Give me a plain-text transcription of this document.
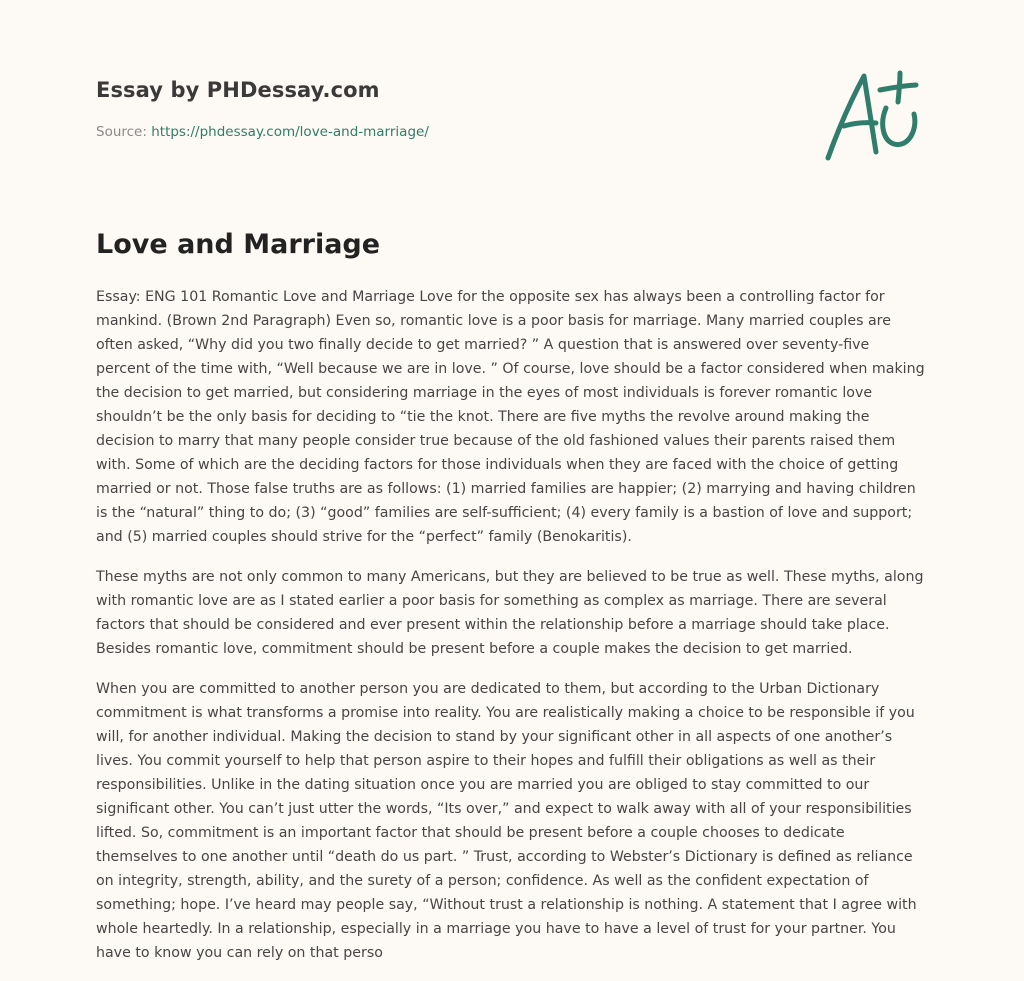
Essay by PHDessay.com
Source: https://phdessay.com/love-and-marriage/
Love and Marriage

Essay: ENG 101 Romantic Love and Marriage Love for the opposite sex has always been a controlling factor for mankind. (Brown 2nd Paragraph) Even so, romantic love is a poor basis for marriage. Many married couples are often asked, “Why did you two finally decide to get married? ” A question that is answered over seventy-five percent of the time with, “Well because we are in love. ” Of course, love should be a factor considered when making the decision to get married, but considering marriage in the eyes of most individuals is forever romantic love shouldn’t be the only basis for deciding to “tie the knot. There are five myths the revolve around making the decision to marry that many people consider true because of the old fashioned values their parents raised them with. Some of which are the deciding factors for those individuals when they are faced with the choice of getting married or not. Those false truths are as follows: (1) married families are happier; (2) marrying and having children is the “natural” thing to do; (3) “good” families are self-sufficient; (4) every family is a bastion of love and support; and (5) married couples should strive for the “perfect” family (Benokaritis).

These myths are not only common to many Americans, but they are believed to be true as well. These myths, along with romantic love are as I stated earlier a poor basis for something as complex as marriage. There are several factors that should be considered and ever present within the relationship before a marriage should take place. Besides romantic love, commitment should be present before a couple makes the decision to get married.

When you are committed to another person you are dedicated to them, but according to the Urban Dictionary commitment is what transforms a promise into reality. You are realistically making a choice to be responsible if you will, for another individual. Making the decision to stand by your significant other in all aspects of one another’s lives. You commit yourself to help that person aspire to their hopes and fulfill their obligations as well as their responsibilities. Unlike in the dating situation once you are married you are obliged to stay committed to our significant other. You can’t just utter the words, “Its over,” and expect to walk away with all of your responsibilities lifted. So, commitment is an important factor that should be present before a couple chooses to dedicate themselves to one another until “death do us part. ” Trust, according to Webster’s Dictionary is defined as reliance on integrity, strength, ability, and the surety of a person; confidence. As well as the confident expectation of something; hope. I’ve heard may people say, “Without trust a relationship is nothing. A statement that I agree with whole heartedly. In a relationship, especially in a marriage you have to have a level of trust for your partner. You have to know you can rely on that perso
